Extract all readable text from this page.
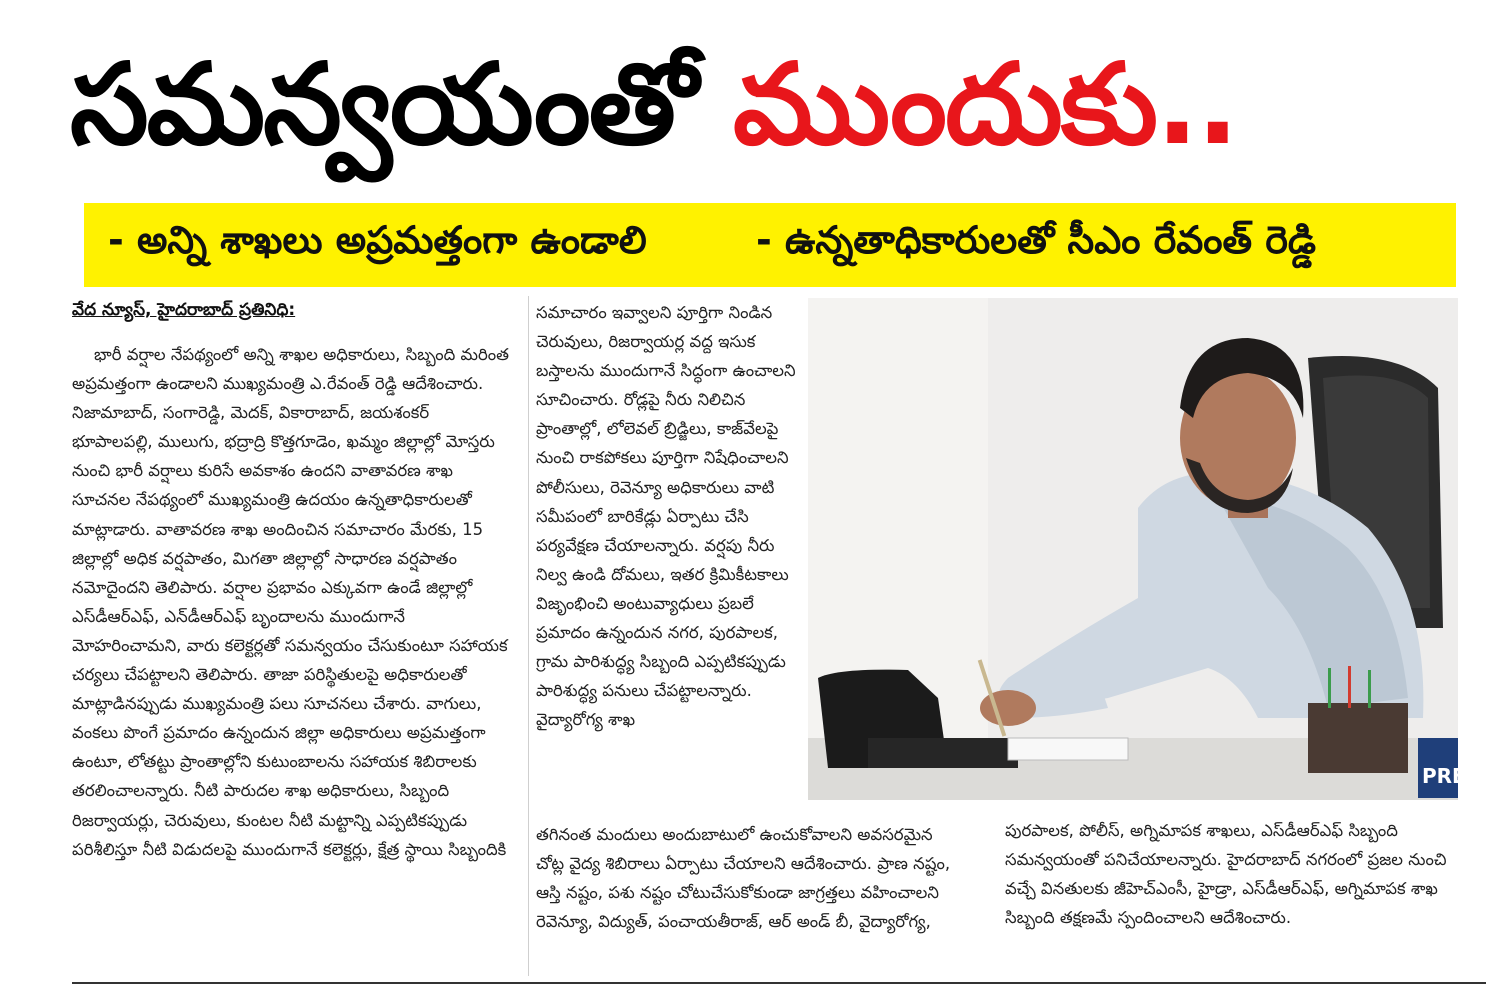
సమన్వయంతో ముందుకు..
- అన్ని శాఖలు అప్రమత్తంగా ఉండాలి	- ఉన్నతాధికారులతో సీఎం రేవంత్ రెడ్డి
వేద న్యూస్, హైదరాబాద్ ప్రతినిధి:
భారీ వర్షాల నేపథ్యంలో అన్ని శాఖల అధికారులు, సిబ్బంది మరింత అప్రమత్తంగా ఉండాలని ముఖ్యమంత్రి ఎ.రేవంత్ రెడ్డి ఆదేశించారు. నిజామాబాద్, సంగారెడ్డి, మెదక్, వికారాబాద్, జయశంకర్ భూపాలపల్లి, ములుగు, భద్రాద్రి కొత్తగూడెం, ఖమ్మం జిల్లాల్లో మోస్తరు నుంచి భారీ వర్షాలు కురిసే అవకాశం ఉందని వాతావరణ శాఖ సూచనల నేపథ్యంలో ముఖ్యమంత్రి ఉదయం ఉన్నతాధికారులతో మాట్లాడారు. వాతావరణ శాఖ అందించిన సమాచారం మేరకు, 15 జిల్లాల్లో అధిక వర్షపాతం, మిగతా జిల్లాల్లో సాధారణ వర్షపాతం నమోదైందని తెలిపారు. వర్షాల ప్రభావం ఎక్కువగా ఉండే జిల్లాల్లో ఎస్‌డీఆర్ఎఫ్, ఎన్‌డీఆర్ఎఫ్ బృందాలను ముందుగానే మోహరించామని, వారు కలెక్టర్లతో సమన్వయం చేసుకుంటూ సహాయక చర్యలు చేపట్టాలని తెలిపారు. తాజా పరిస్థితులపై అధికారులతో మాట్లాడినప్పుడు ముఖ్యమంత్రి పలు సూచనలు చేశారు. వాగులు, వంకలు పొంగే ప్రమాదం ఉన్నందున జిల్లా అధికారులు అప్రమత్తంగా ఉంటూ, లోతట్టు ప్రాంతాల్లోని కుటుంబాలను సహాయక శిబిరాలకు తరలించాలన్నారు. నీటి పారుదల శాఖ అధికారులు, సిబ్బంది రిజర్వాయర్లు, చెరువులు, కుంటల నీటి మట్టాన్ని ఎప్పటికప్పుడు పరిశీలిస్తూ నీటి విడుదలపై ముందుగానే కలెక్టర్లు, క్షేత్ర స్థాయి సిబ్బందికి
సమాచారం ఇవ్వాలని పూర్తిగా నిండిన చెరువులు, రిజర్వాయర్ల వద్ద ఇసుక బస్తాలను ముందుగానే సిద్ధంగా ఉంచాలని సూచించారు. రోడ్లపై నీరు నిలిచిన ప్రాంతాల్లో, లోలెవల్ బ్రిడ్జిలు, కాజ్‌వేలపై నుంచి రాకపోకలు పూర్తిగా నిషేధించాలని పోలీసులు, రెవెన్యూ అధికారులు వాటి సమీపంలో బారికేడ్లు ఏర్పాటు చేసి పర్యవేక్షణ చేయాలన్నారు. వర్షపు నీరు నిల్వ ఉండి దోమలు, ఇతర క్రిమికీటకాలు విజృంభించి అంటువ్యాధులు ప్రబలే ప్రమాదం ఉన్నందున నగర, పురపాలక, గ్రామ పారిశుద్ధ్య సిబ్బంది ఎప్పటికప్పుడు పారిశుద్ధ్య పనులు చేపట్టాలన్నారు. వైద్యారోగ్య శాఖ
తగినంత మందులు అందుబాటులో ఉంచుకోవాలని అవసరమైన చోట్ల వైద్య శిబిరాలు ఏర్పాటు చేయాలని ఆదేశించారు. ప్రాణ నష్టం, ఆస్తి నష్టం, పశు నష్టం చోటుచేసుకోకుండా జాగ్రత్తలు వహించాలని రెవెన్యూ, విద్యుత్, పంచాయతీరాజ్, ఆర్ అండ్ బీ, వైద్యారోగ్య,
పురపాలక, పోలీస్, అగ్నిమాపక శాఖలు, ఎస్‌డీఆర్ఎఫ్ సిబ్బంది సమన్వయంతో పనిచేయాలన్నారు. హైదరాబాద్ నగరంలో ప్రజల నుంచి వచ్చే వినతులకు జీహెచ్ఎంసీ, హైడ్రా, ఎస్‌డీఆర్ఎఫ్, అగ్నిమాపక శాఖ సిబ్బంది తక్షణమే స్పందించాలని ఆదేశించారు.
PRE
